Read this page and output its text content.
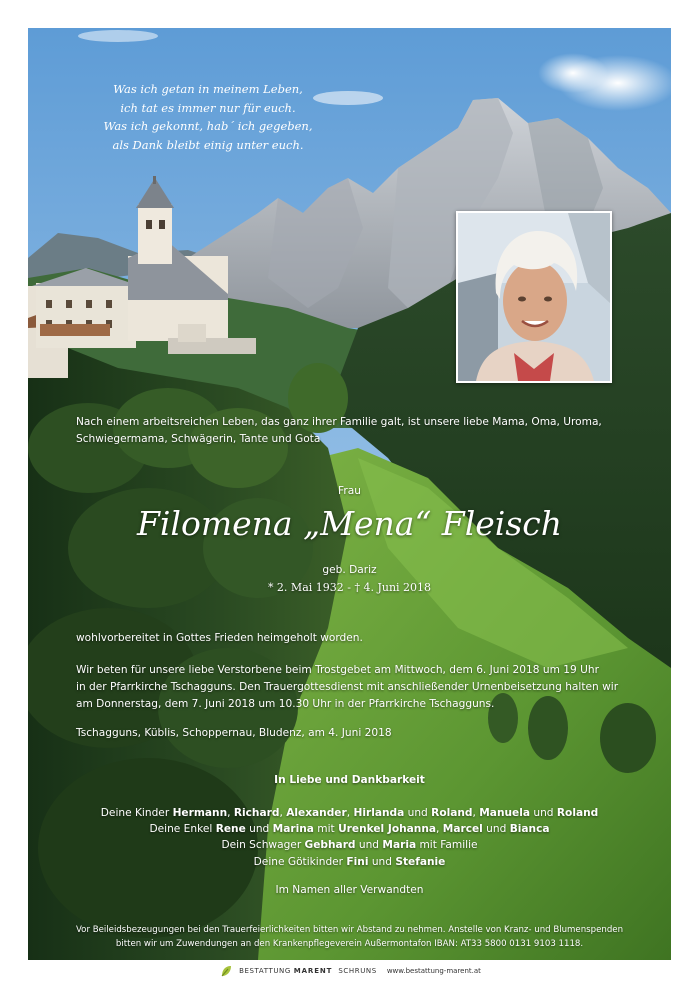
Was ich getan in meinem Leben,
ich tat es immer nur für euch.
Was ich gekonnt, hab´ ich gegeben,
als Dank bleibt einig unter euch.
Nach einem arbeitsreichen Leben, das ganz ihrer Familie galt, ist unsere liebe Mama, Oma, Uroma, Schwiegermama, Schwägerin, Tante und Gota
Frau
Filomena „Mena“ Fleisch
geb. Dariz
* 2. Mai 1932 - † 4. Juni 2018
wohlvorbereitet in Gottes Frieden heimgeholt worden.
Wir beten für unsere liebe Verstorbene beim Trostgebet am Mittwoch, dem 6. Juni 2018 um 19 Uhr
in der Pfarrkirche Tschagguns. Den Trauergottesdienst mit anschließender Urnenbeisetzung halten wir
am Donnerstag, dem 7. Juni 2018 um 10.30 Uhr in der Pfarrkirche Tschagguns.
Tschagguns, Küblis, Schoppernau, Bludenz, am 4. Juni 2018
In Liebe und Dankbarkeit
Deine Kinder Hermann, Richard, Alexander, Hirlanda und Roland, Manuela und Roland
Deine Enkel Rene und Marina mit Urenkel Johanna, Marcel und Bianca
Dein Schwager Gebhard und Maria mit Familie
Deine Götikinder Fini und Stefanie
Im Namen aller Verwandten
Vor Beileidsbezeugungen bei den Trauerfeierlichkeiten bitten wir Abstand zu nehmen. Anstelle von Kranz- und Blumenspenden
bitten wir um Zuwendungen an den Krankenpflegeverein Außermontafon IBAN: AT33 5800 0131 9103 1118.
BESTATTUNG MARENT SCHRUNS www.bestattung-marent.at
